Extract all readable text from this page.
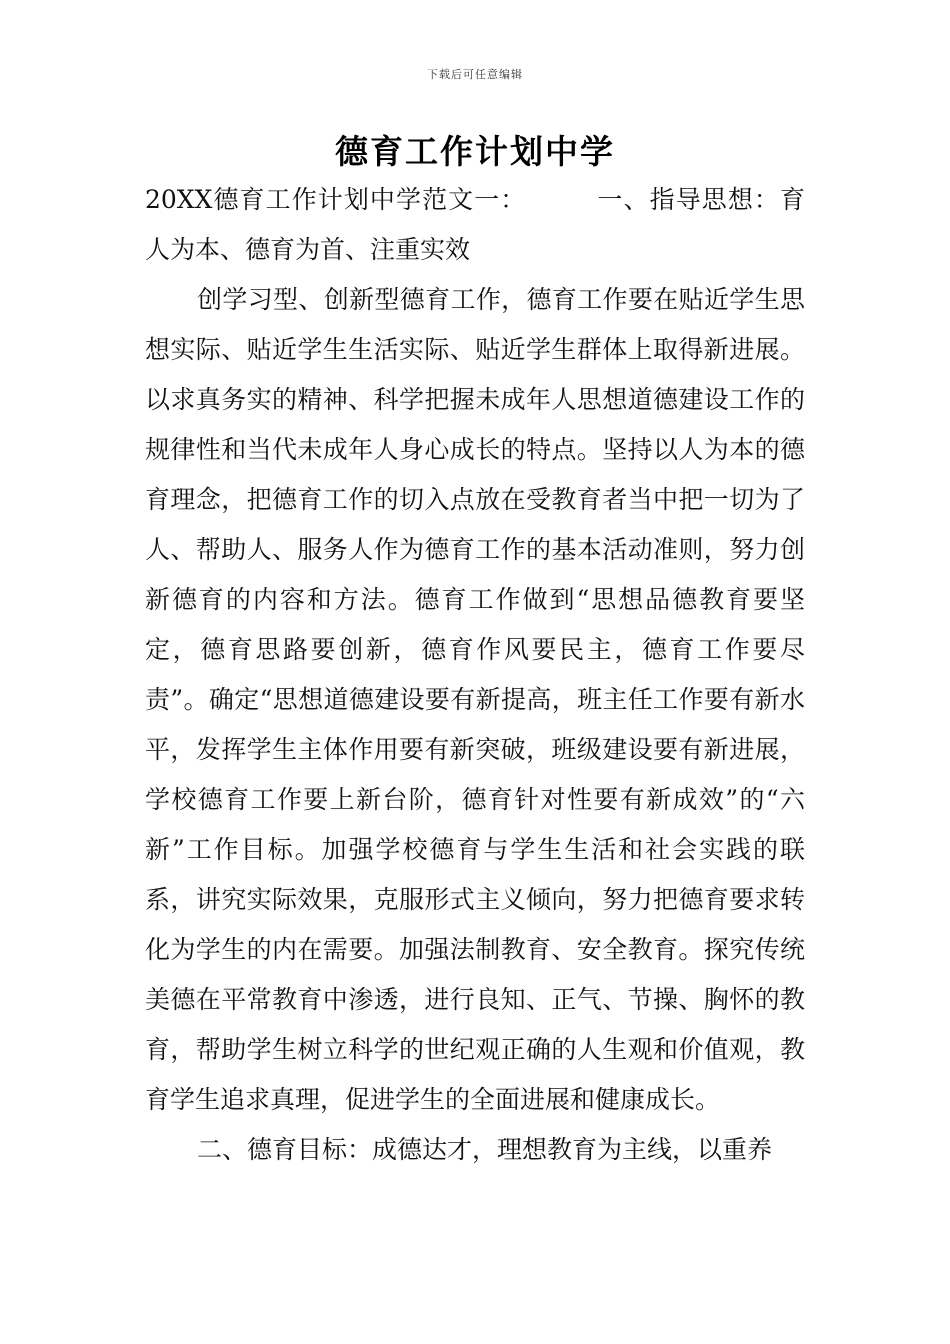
下载后可任意编辑
德育工作计划中学

20XX德育工作计划中学范文一：	一、指导思想：育人为本、德育为首、注重实效

创学习型、创新型德育工作，德育工作要在贴近学生思想实际、贴近学生生活实际、贴近学生群体上取得新进展。以求真务实的精神、科学把握未成年人思想道德建设工作的规律性和当代未成年人身心成长的特点。坚持以人为本的德育理念，把德育工作的切入点放在受教育者当中把一切为了人、帮助人、服务人作为德育工作的基本活动准则，努力创新德育的内容和方法。德育工作做到“思想品德教育要坚定，德育思路要创新，德育作风要民主，德育工作要尽责”。确定“思想道德建设要有新提高，班主任工作要有新水平，发挥学生主体作用要有新突破，班级建设要有新进展，学校德育工作要上新台阶，德育针对性要有新成效”的“六新”工作目标。加强学校德育与学生生活和社会实践的联系，讲究实际效果，克服形式主义倾向，努力把德育要求转化为学生的内在需要。加强法制教育、安全教育。探究传统美德在平常教育中渗透，进行良知、正气、节操、胸怀的教育，帮助学生树立科学的世纪观正确的人生观和价值观，教育学生追求真理，促进学生的全面进展和健康成长。

二、德育目标：成德达才，理想教育为主线，以重养
